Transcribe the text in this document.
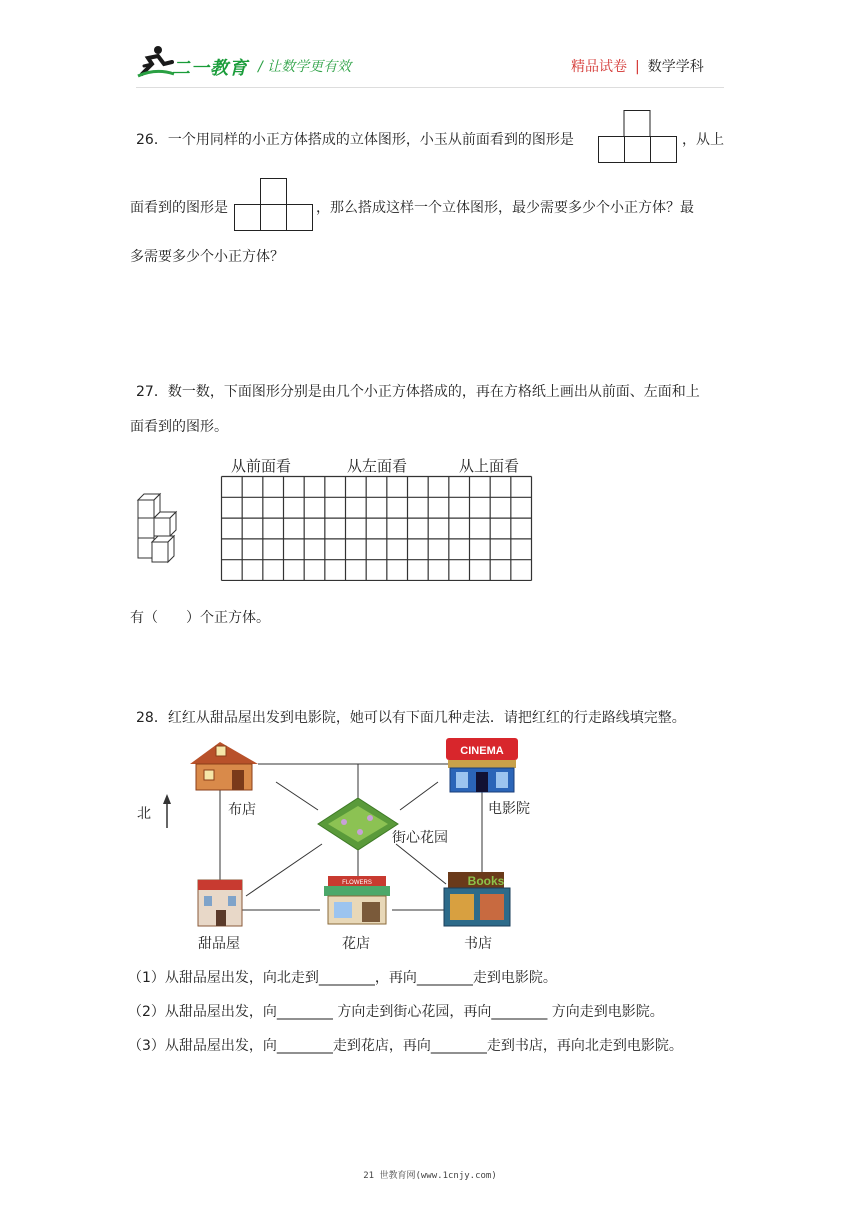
二一教育 / 让数学更有效	精品试卷 | 数学学科
26．一个用同样的小正方体搭成的立体图形，小玉从前面看到的图形是	，从上
面看到的图形是	，那么搭成这样一个立体图形，最少需要多少个小正方体？最
多需要多少个小正方体？
27．数一数，下面图形分别是由几个小正方体搭成的，再在方格纸上画出从前面、左面和上
面看到的图形。
从前面看	从左面看	从上面看
有（　　）个正方体。
28．红红从甜品屋出发到电影院，她可以有下面几种走法．请把红红的行走路线填完整。
CINEMA
FLOWERS	Books
北	布店	电影院
街心花园
甜品屋	花店	书店
（1）从甜品屋出发，向北走到________，再向________走到电影院。
（2）从甜品屋出发，向________ 方向走到街心花园，再向________ 方向走到电影院。
（3）从甜品屋出发，向________走到花店，再向________走到书店，再向北走到电影院。
21 世教育网(www.1cnjy.com)
